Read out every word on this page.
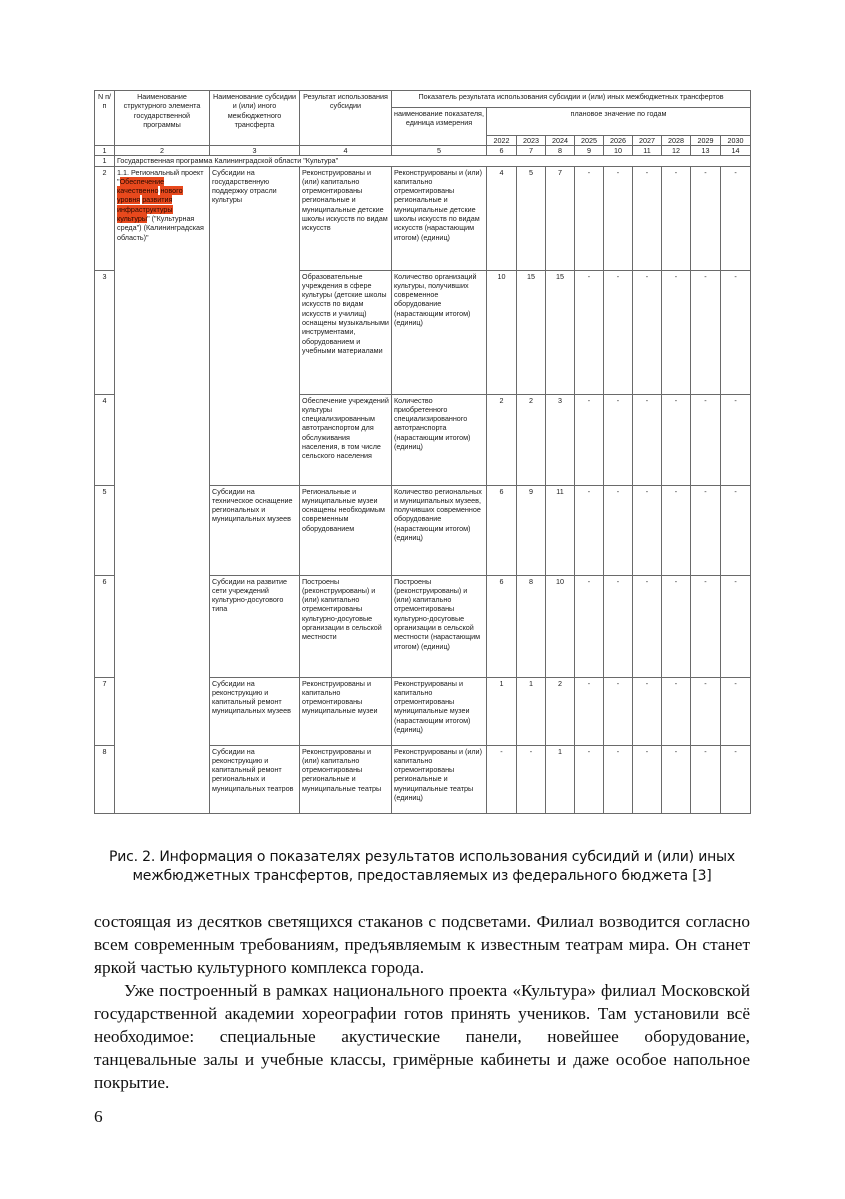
N п/п	Наименование структурного элемента государственной программы	Наименование субсидии и (или) иного межбюджетного трансферта	Результат использования субсидии	Показатель результата использования субсидии и (или) иных межбюджетных трансфертов									
				наименование показателя, единица измерения	плановое значение по годам								
					2022	2023	2024	2025	2026	2027	2028	2029	2030
1	2	3	4	5	6	7	8	9	10	11	12	13	14
1	Государственная программа Калининградской области "Культура"												
2	1.1. Региональный проект "Обеспечение качественно нового уровня развития инфраструктуры культуры" ("Культурная среда") (Калининградская область)"	Субсидии на государственную поддержку отрасли культуры	Реконструированы и (или) капитально отремонтированы региональные и муниципальные детские школы искусств по видам искусств	Реконструированы и (или) капитально отремонтированы региональные и муниципальные детские школы искусств по видам искусств (нарастающим итогом) (единиц)	4	5	7	-	-	-	-	-	-
3			Образовательные учреждения в сфере культуры (детские школы искусств по видам искусств и училищ) оснащены музыкальными инструментами, оборудованием и учебными материалами	Количество организаций культуры, получивших современное оборудование (нарастающим итогом) (единиц)	10	15	15	-	-	-	-	-	-
4			Обеспечение учреждений культуры специализированным автотранспортом для обслуживания населения, в том числе сельского населения	Количество приобретенного специализированного автотранспорта (нарастающим итогом) (единиц)	2	2	3	-	-	-	-	-	-
5		Субсидии на техническое оснащение региональных и муниципальных музеев	Региональные и муниципальные музеи оснащены необходимым современным оборудованием	Количество региональных и муниципальных музеев, получивших современное оборудование (нарастающим итогом) (единиц)	6	9	11	-	-	-	-	-	-
6		Субсидии на развитие сети учреждений культурно-досугового типа	Построены (реконструированы) и (или) капитально отремонтированы культурно-досуговые организации в сельской местности	Построены (реконструированы) и (или) капитально отремонтированы культурно-досуговые организации в сельской местности (нарастающим итогом) (единиц)	6	8	10	-	-	-	-	-	-
7		Субсидии на реконструкцию и капитальный ремонт муниципальных музеев	Реконструированы и капитально отремонтированы муниципальные музеи	Реконструированы и капитально отремонтированы муниципальные музеи (нарастающим итогом) (единиц)	1	1	2	-	-	-	-	-	-
8		Субсидии на реконструкцию и капитальный ремонт региональных и муниципальных театров	Реконструированы и (или) капитально отремонтированы региональные и муниципальные театры	Реконструированы и (или) капитально отремонтированы региональные и муниципальные театры (единиц)	-	-	1	-	-	-	-	-	-
Рис. 2. Информация о показателях результатов использования субсидий и (или) иных
межбюджетных трансфертов, предоставляемых из федерального бюджета [3]

состоящая из десятков светящихся стаканов с подсветами. Филиал возводится согласно всем современным требованиям, предъявляемым к известным театрам мира. Он станет яркой частью культурного комплекса города.

Уже построенный в рамках национального проекта «Культура» филиал Московской государственной академии хореографии готов принять учеников. Там установили всё необходимое: специальные акустические панели, новейшее оборудование, танцевальные залы и учебные классы, гримёрные кабинеты и даже особое напольное покрытие.

6
